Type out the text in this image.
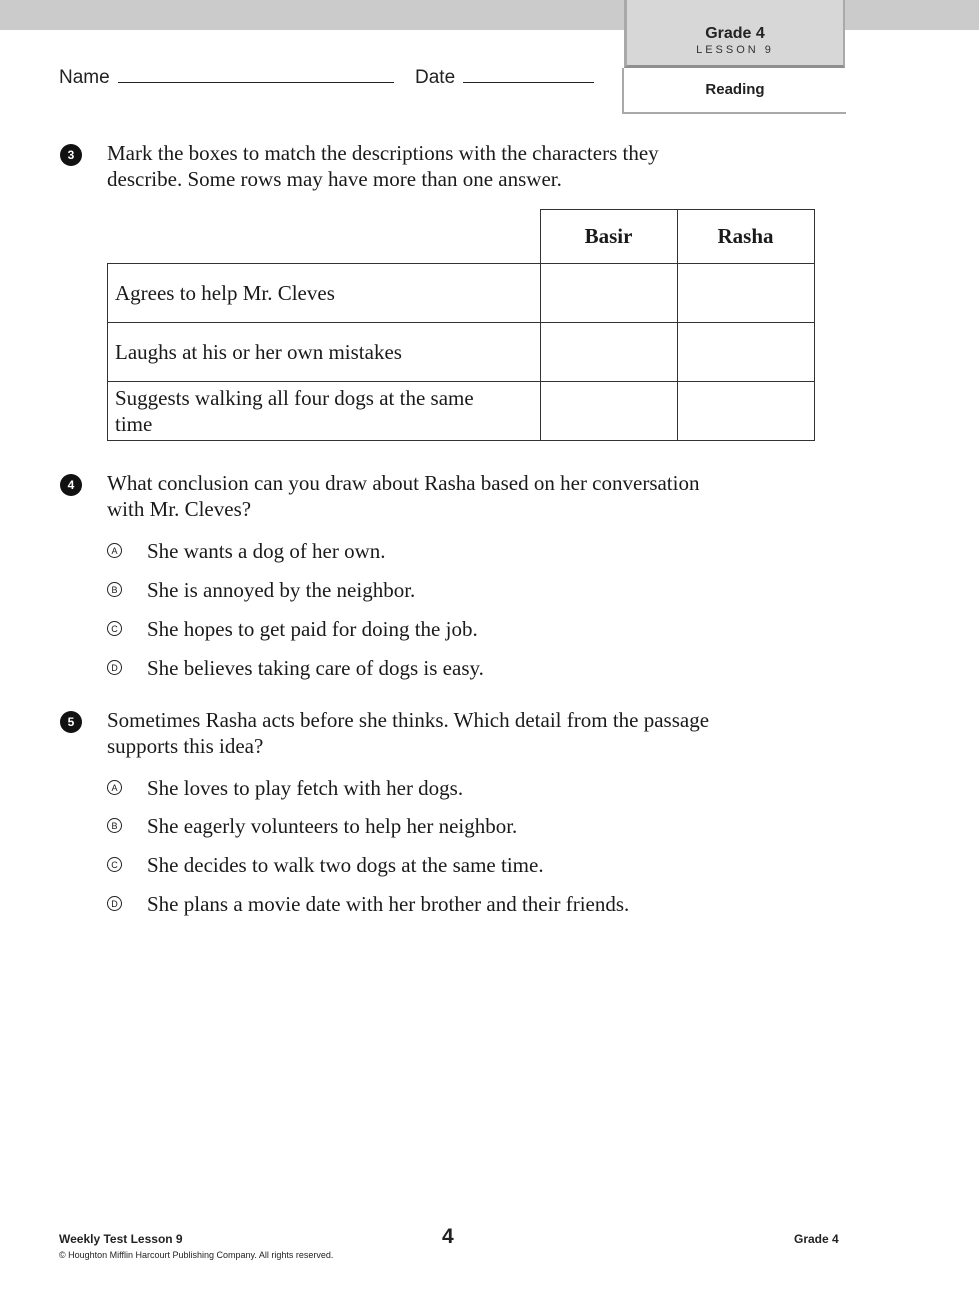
Grade 4
LESSON 9
Reading
Name	Date
3	Mark the boxes to match the descriptions with the characters they
describe. Some rows may have more than one answer.
	Basir	Rasha

Agrees to help Mr. Cleves		

Laughs at his or her own mistakes		

Suggests walking all four dogs at the same
time		

4	What conclusion can you draw about Rasha based on her conversation
with Mr. Cleves?
A She wants a dog of her own.
B She is annoyed by the neighbor.
C She hopes to get paid for doing the job.
D She believes taking care of dogs is easy.
5	Sometimes Rasha acts before she thinks. Which detail from the passage
supports this idea?
A She loves to play fetch with her dogs.
B She eagerly volunteers to help her neighbor.
C She decides to walk two dogs at the same time.
D She plans a movie date with her brother and their friends.
Weekly Test Lesson 9
© Houghton Mifflin Harcourt Publishing Company. All rights reserved.
4	Grade 4
